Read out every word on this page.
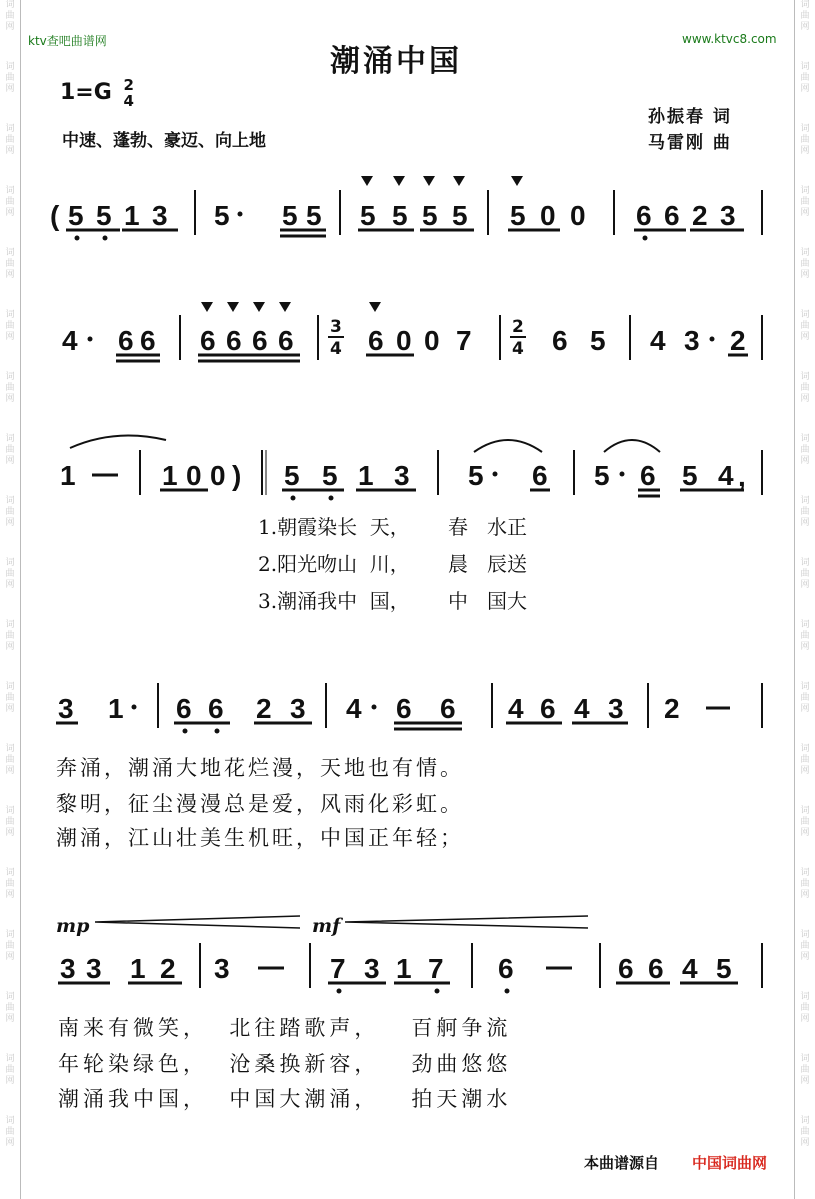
词
曲
网
词
曲
网
词
曲
网
词
曲
网
词
曲
网
词
曲
网
词
曲
网
词
曲
网
词
曲
网
词
曲
网
词
曲
网
词
曲
网
词
曲
网
词
曲
网
词
曲
网
词
曲
网
词
曲
网
词
曲
网
词
曲
网
词
曲
网
词
曲
网
词
曲
网
词
曲
网
词
曲
网
词
曲
网
词
曲
网
词
曲
网
词
曲
网
词
曲
网
词
曲
网
词
曲
网
词
曲
网
词
曲
网
词
曲
网
词
曲
网
词
曲
网
词
曲
网
词
曲
网
ktv查吧曲谱网	www.ktvc8.com
潮涌中国
1=G 2
4
中速、蓬勃、豪迈、向上地
孙振春 词
马雷刚 曲
( 5 5 1 3 5 5 5 5 5 5 5 5 0 0 6 6 2 3
4 6 6 6 6 6 6 3
4 6 0 0 7 2
4 6 5 4 3 2
1	1 0 0 ) 5 5 1 3 5 6 5 6 5 4 ,
3 1 6 6 2 3 4 6 6 4 6 4 3 2
3 3 1 2 3	7 3 1 7 6	6 6 4 5
mp	mf
1.朝霞染长  天，      春   水正
2.阳光吻山  川，      晨   辰送
3.潮涌我中  国，      中   国大
奔涌，潮涌大地花烂漫，天地也有情。
黎明，征尘漫漫总是爱，风雨化彩虹。
潮涌，江山壮美生机旺，中国正年轻；
南来有微笑，  北往踏歌声，   百舸争流
年轮染绿色，  沧桑换新容，   劲曲悠悠
潮涌我中国，  中国大潮涌，   拍天潮水
本曲谱源自 中国词曲网
